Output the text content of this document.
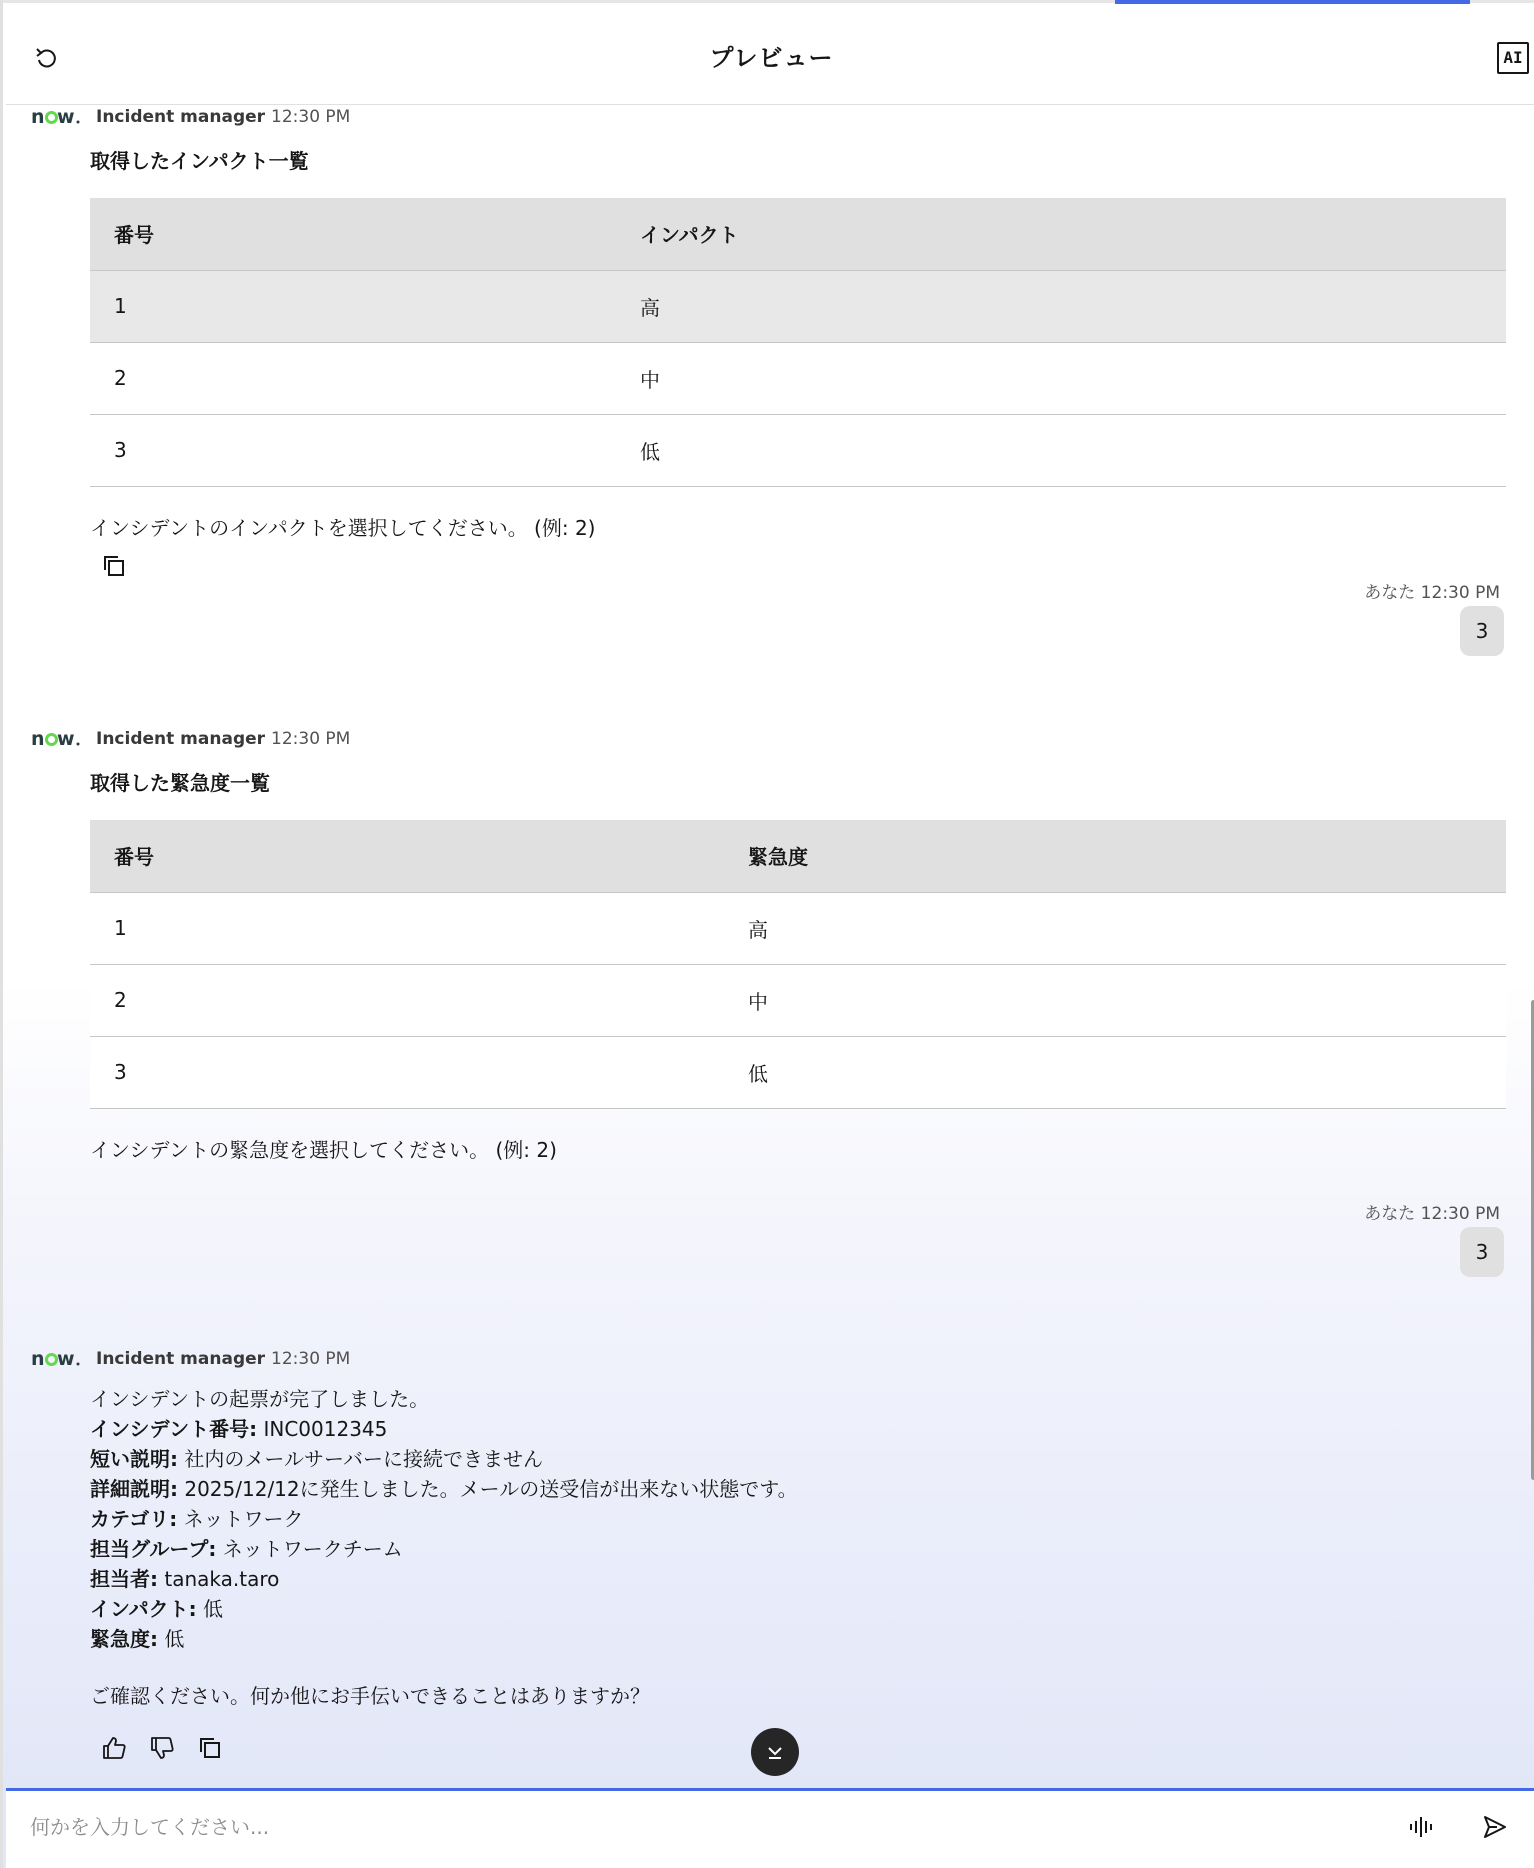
プレビュー	AI
n w Incident manager 12:30 PM
取得したインパクト一覧
番号	インパクト
1	高
2	中
3	低
インシデントのインパクトを選択してください。 (例: 2)
あなた 12:30 PM
3
n w Incident manager 12:30 PM
取得した緊急度一覧
番号	緊急度
1	高
2	中
3	低
インシデントの緊急度を選択してください。 (例: 2)
あなた 12:30 PM
3
n w Incident manager 12:30 PM
インシデントの起票が完了しました。
インシデント番号: INC0012345
短い説明: 社内のメールサーバーに接続できません
詳細説明: 2025/12/12に発生しました。メールの送受信が出来ない状態です。
カテゴリ: ネットワーク
担当グループ: ネットワークチーム
担当者: tanaka.taro
インパクト: 低
緊急度: 低
ご確認ください。何か他にお手伝いできることはありますか？
何かを入力してください...
